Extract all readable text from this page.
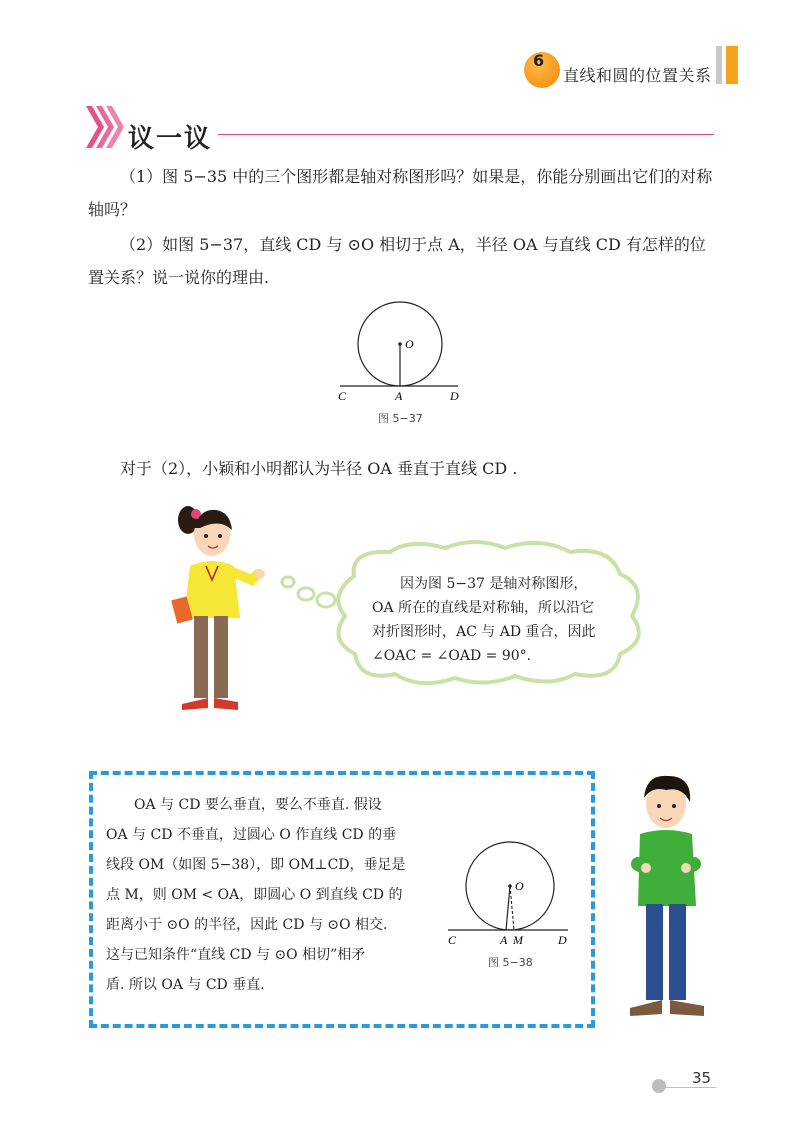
6
直线和圆的位置关系
议一议

（1）图 5−35 中的三个图形都是轴对称图形吗？如果是，你能分别画出它们的对称轴吗？

（2）如图 5−37，直线 CD 与 ⊙O 相切于点 A，半径 OA 与直线 CD 有怎样的位置关系？说一说你的理由.

O
C	A	D
图 5−37

对于（2），小颖和小明都认为半径 OA 垂直于直线 CD .

因为图 5−37 是轴对称图形，
OA 所在的直线是对称轴，所以沿它
对折图形时，AC 与 AD 重合，因此
∠OAC = ∠OAD = 90°.
OA 与 CD 要么垂直，要么不垂直. 假设
OA 与 CD 不垂直，过圆心 O 作直线 CD 的垂
线段 OM（如图 5−38），即 OM⊥CD，垂足是
点 M，则 OM < OA，即圆心 O 到直线 CD 的
距离小于 ⊙O 的半径，因此 CD 与 ⊙O 相交.
这与已知条件“直线 CD 与 ⊙O 相切”相矛
盾. 所以 OA 与 CD 垂直.
O
C	A M	D
图 5−38
35
